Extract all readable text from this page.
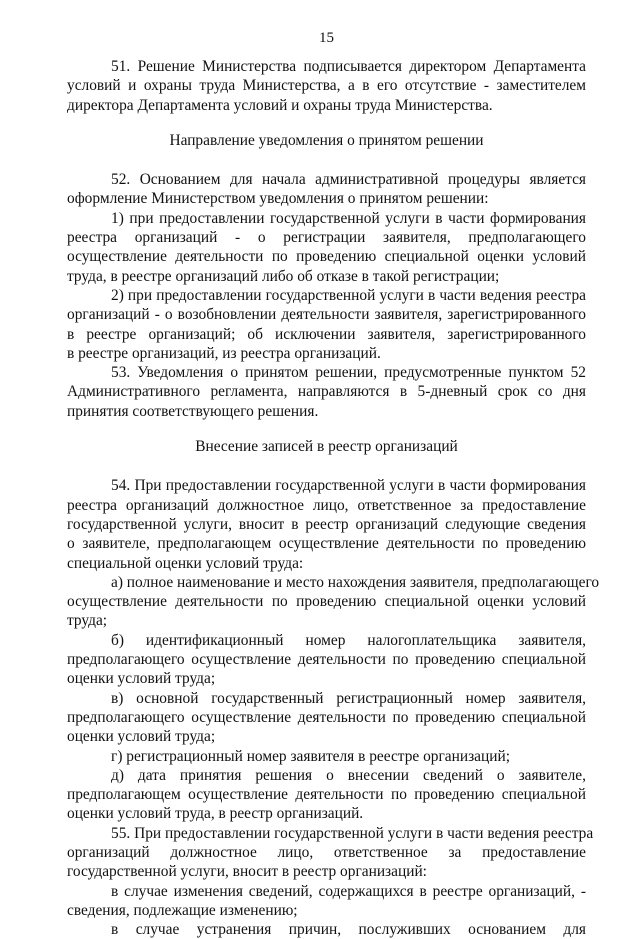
15
51. Решение Министерства подписывается директором Департамента
условий и охраны труда Министерства, а в его отсутствие - заместителем
директора Департамента условий и охраны труда Министерства.
Направление уведомления о принятом решении
52. Основанием для начала административной процедуры является
оформление Министерством уведомления о принятом решении:
1) при предоставлении государственной услуги в части формирования
реестра организаций - о регистрации заявителя, предполагающего
осуществление деятельности по проведению специальной оценки условий
труда, в реестре организаций либо об отказе в такой регистрации;
2) при предоставлении государственной услуги в части ведения реестра
организаций - о возобновлении деятельности заявителя, зарегистрированного
в реестре организаций; об исключении заявителя, зарегистрированного
в реестре организаций, из реестра организаций.
53. Уведомления о принятом решении, предусмотренные пунктом 52
Административного регламента, направляются в 5-дневный срок со дня
принятия соответствующего решения.
Внесение записей в реестр организаций
54. При предоставлении государственной услуги в части формирования
реестра организаций должностное лицо, ответственное за предоставление
государственной услуги, вносит в реестр организаций следующие сведения
о заявителе, предполагающем осуществление деятельности по проведению
специальной оценки условий труда:
а) полное наименование и место нахождения заявителя, предполагающего
осуществление деятельности по проведению специальной оценки условий
труда;
б) идентификационный номер налогоплательщика заявителя,
предполагающего осуществление деятельности по проведению специальной
оценки условий труда;
в) основной государственный регистрационный номер заявителя,
предполагающего осуществление деятельности по проведению специальной
оценки условий труда;
г) регистрационный номер заявителя в реестре организаций;
д) дата принятия решения о внесении сведений о заявителе,
предполагающем осуществление деятельности по проведению специальной
оценки условий труда, в реестр организаций.
55. При предоставлении государственной услуги в части ведения реестра
организаций должностное лицо, ответственное за предоставление
государственной услуги, вносит в реестр организаций:
в случае изменения сведений, содержащихся в реестре организаций, -
сведения, подлежащие изменению;
в случае устранения причин, послуживших основанием для
